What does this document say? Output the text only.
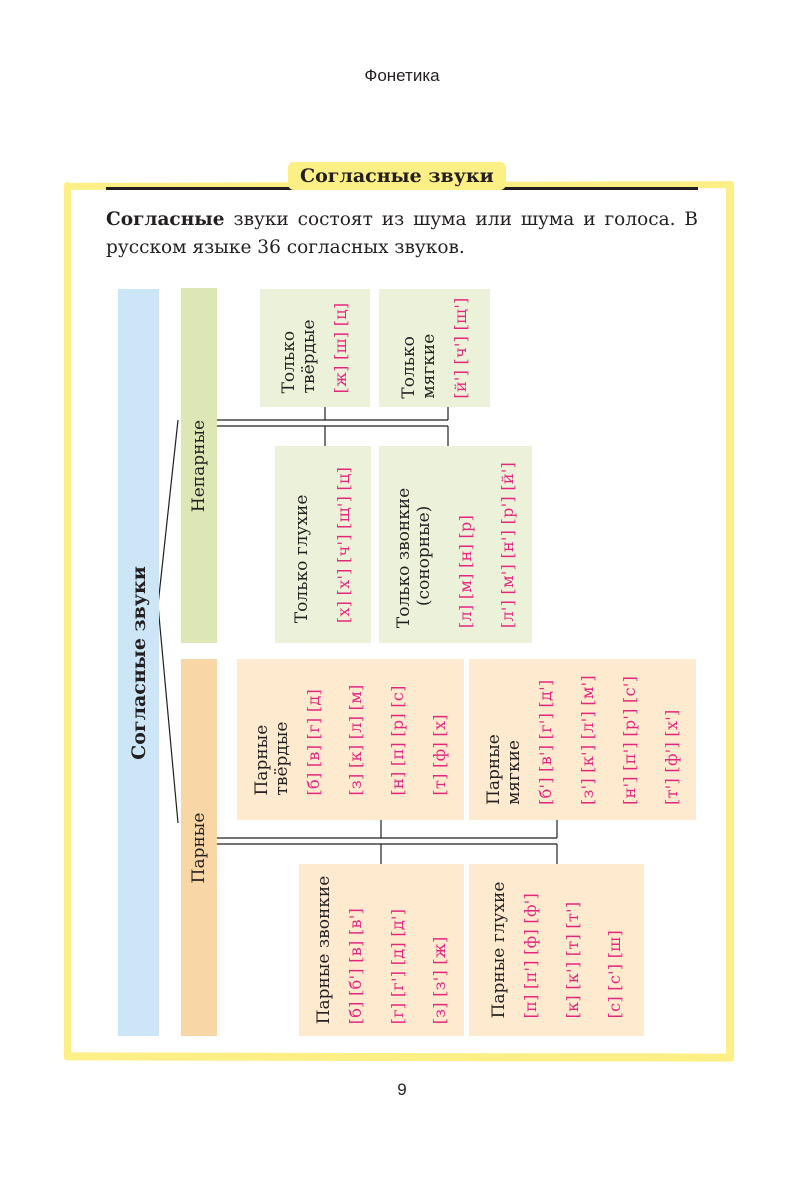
Фонетика
Согласные звуки
Согласные звуки состоят из шума или шума и голоса. В русском языке 36 согласных звуков.
Согласные звуки
Непарные
Парные
Только твёрдые [ж] [ш] [ц]	Только мягкие [й'] [ч'] [щ']
Только глухие [х] [х'] [ч'] [щ'] [ц] Только звонкие (сонорные) [л] [м] [н] [р] [л'] [м'] [н'] [р'] [й']
Парные твёрдые [б] [в] [г] [д] [з] [к] [л] [м] [н] [п] [р] [с] [т] [ф] [х] Парные мягкие [б'] [в'] [г'] [д'] [з'] [к'] [л'] [м'] [н'] [п'] [р'] [с'] [т'] [ф'] [х']
Парные звонкие [б] [б'] [в] [в'] [г] [г'] [д] [д'] [з] [з'] [ж] Парные глухие [п] [п'] [ф] [ф'] [к] [к'] [т] [т'] [с] [с'] [ш]
9
